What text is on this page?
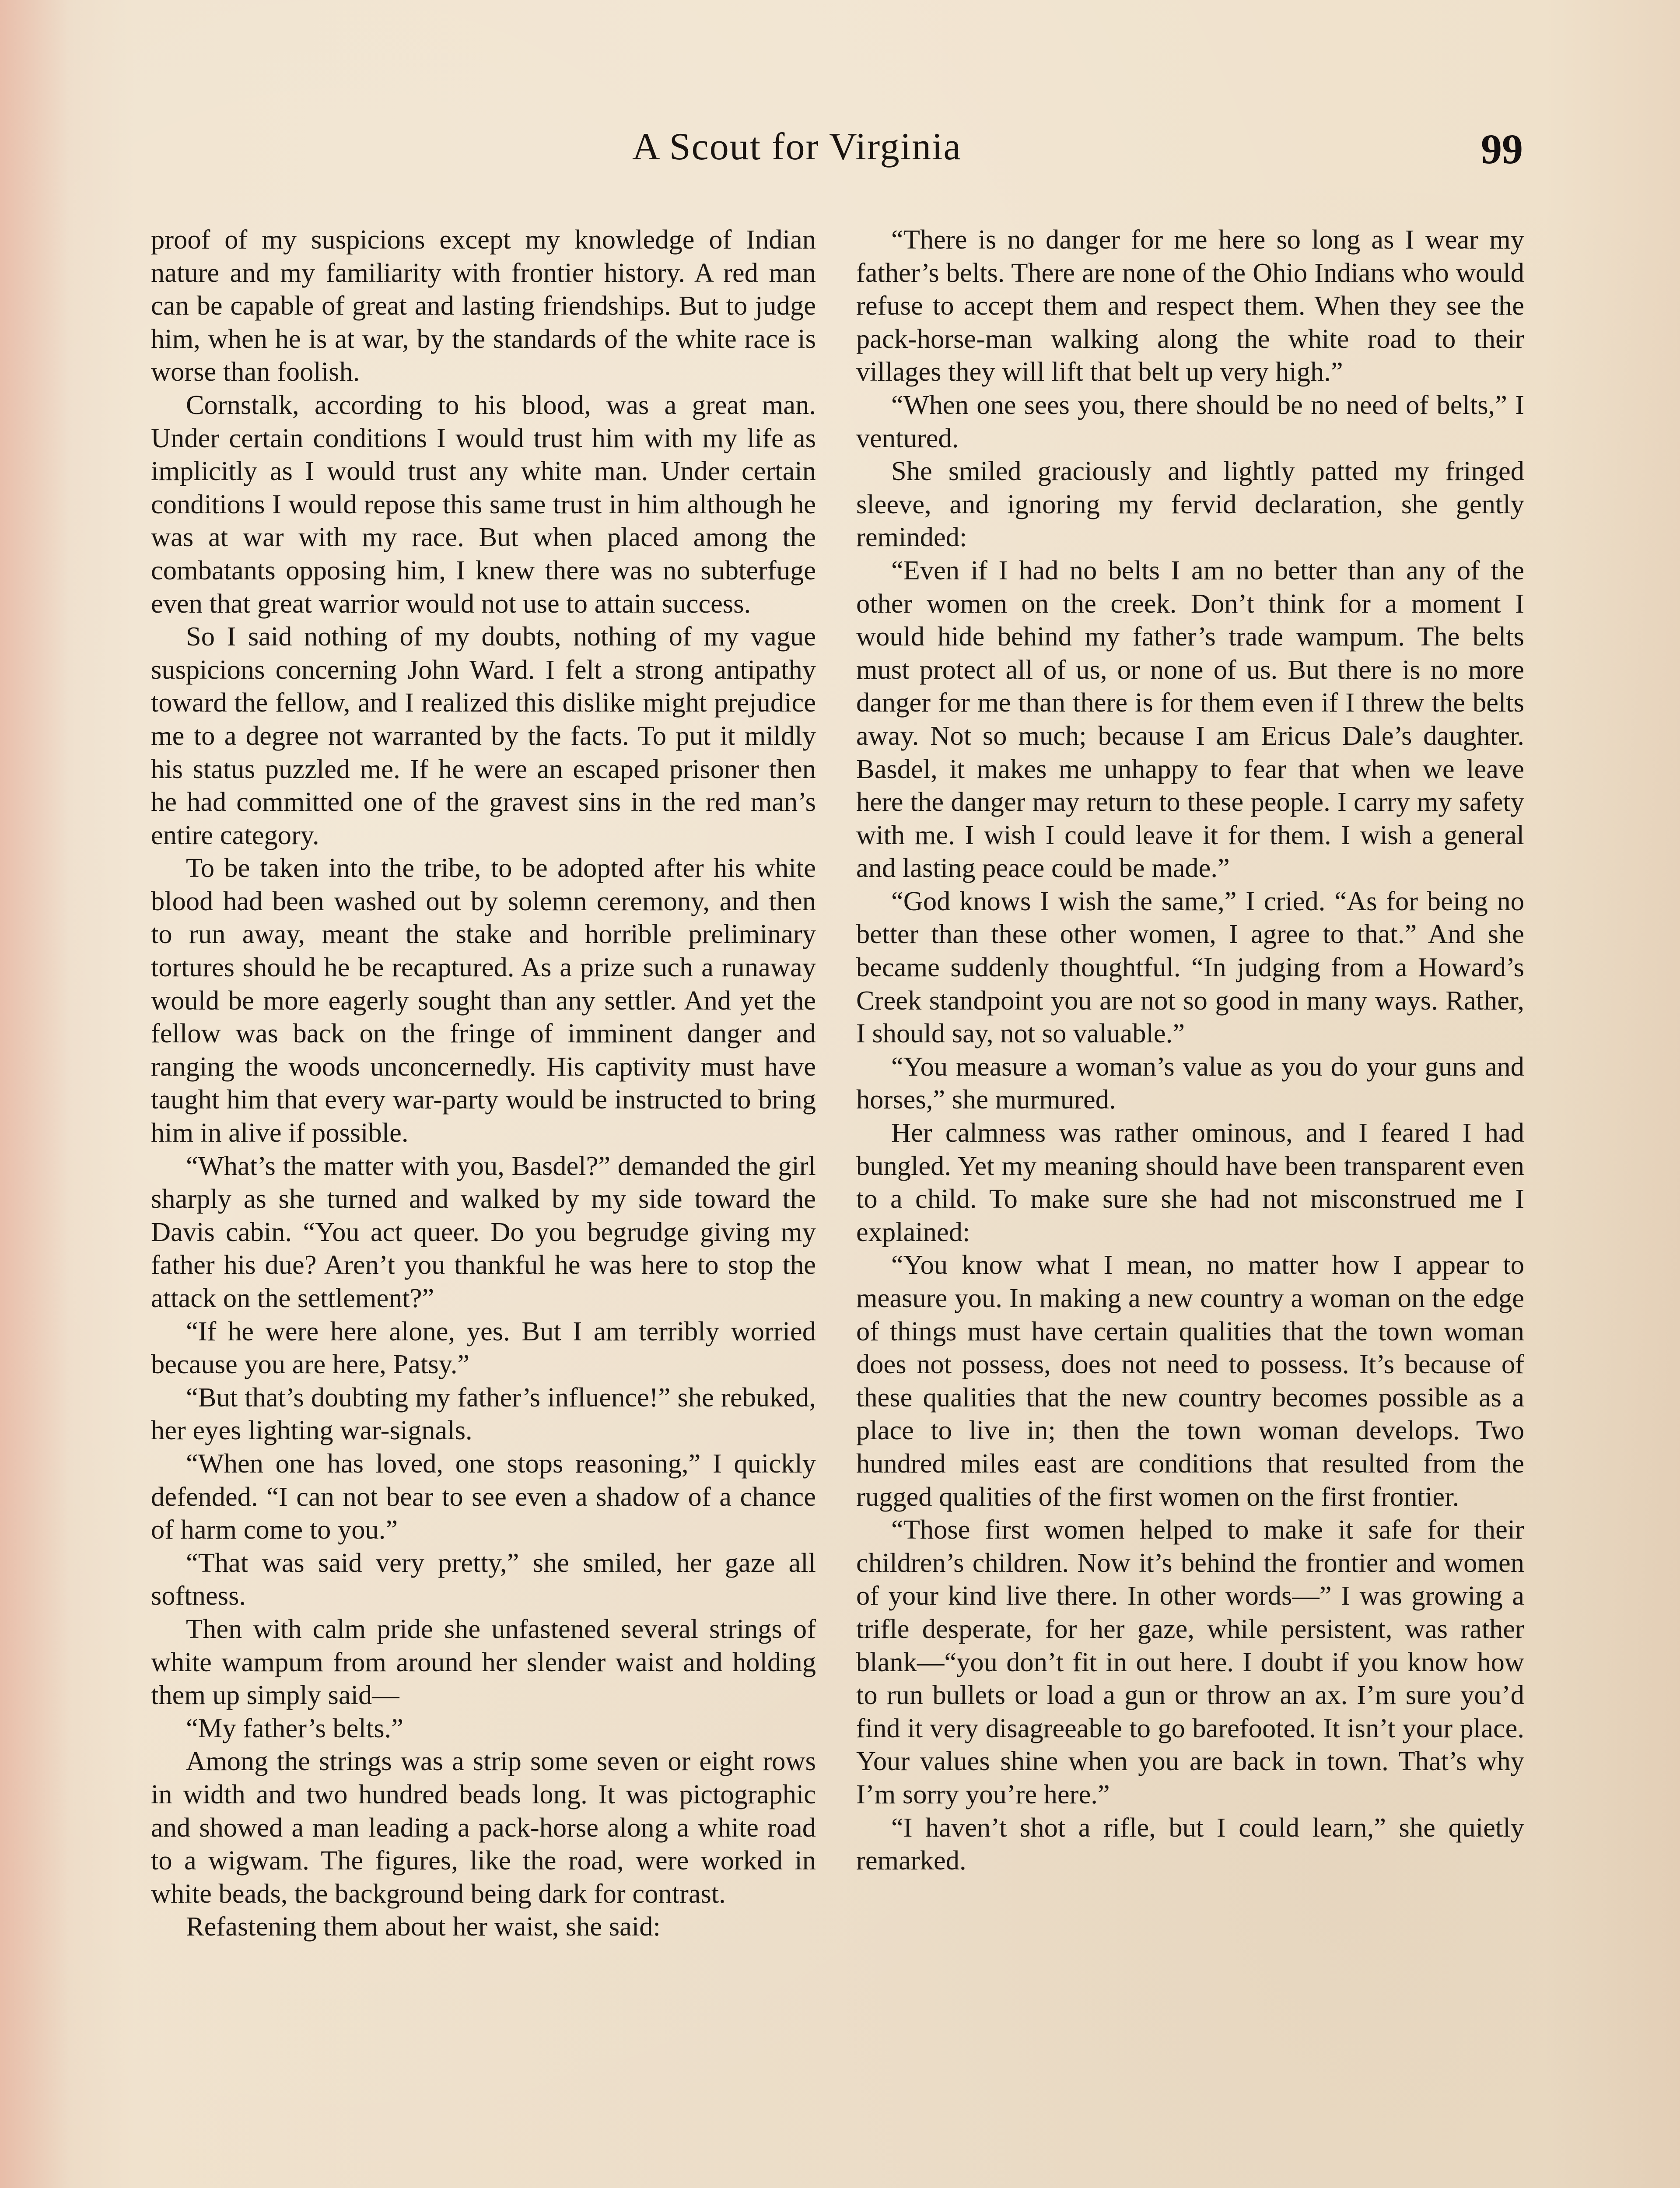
A Scout for Virginia	99

proof of my suspicions except my knowledge of Indian nature and my familiarity with frontier history. A red man can be capable of great and lasting friendships. But to judge him, when he is at war, by the standards of the white race is worse than foolish.

Cornstalk, according to his blood, was a great man. Under certain conditions I would trust him with my life as implicitly as I would trust any white man. Under certain conditions I would repose this same trust in him although he was at war with my race. But when placed among the combatants opposing him, I knew there was no subterfuge even that great warrior would not use to attain success.

So I said nothing of my doubts, nothing of my vague suspicions concerning John Ward. I felt a strong antipathy toward the fellow, and I realized this dislike might prejudice me to a degree not warranted by the facts. To put it mildly his status puzzled me. If he were an escaped prisoner then he had committed one of the gravest sins in the red man’s entire category.

To be taken into the tribe, to be adopted after his white blood had been washed out by solemn ceremony, and then to run away, meant the stake and horrible preliminary tortures should he be recaptured. As a prize such a runaway would be more eagerly sought than any settler. And yet the fellow was back on the fringe of imminent danger and ranging the woods unconcernedly. His captivity must have taught him that every war-party would be instructed to bring him in alive if possible.

“What’s the matter with you, Basdel?” demanded the girl sharply as she turned and walked by my side toward the Davis cabin. “You act queer. Do you begrudge giving my father his due? Aren’t you thankful he was here to stop the attack on the settlement?”

“If he were here alone, yes. But I am terribly worried because you are here, Patsy.”

“But that’s doubting my father’s influence!” she rebuked, her eyes lighting war-signals.

“When one has loved, one stops reasoning,” I quickly defended. “I can not bear to see even a shadow of a chance of harm come to you.”

“That was said very pretty,” she smiled, her gaze all softness.

Then with calm pride she unfastened several strings of white wampum from around her slender waist and holding them up simply said—

“My father’s belts.”

Among the strings was a strip some seven or eight rows in width and two hundred beads long. It was pictographic and showed a man leading a pack-horse along a white road to a wigwam. The figures, like the road, were worked in white beads, the background being dark for contrast.

Refastening them about her waist, she said:

“There is no danger for me here so long as I wear my father’s belts. There are none of the Ohio Indians who would refuse to accept them and respect them. When they see the pack-horse-man walking along the white road to their villages they will lift that belt up very high.”

“When one sees you, there should be no need of belts,” I ventured.

She smiled graciously and lightly patted my fringed sleeve, and ignoring my fervid declaration, she gently reminded:

“Even if I had no belts I am no better than any of the other women on the creek. Don’t think for a moment I would hide behind my father’s trade wampum. The belts must protect all of us, or none of us. But there is no more danger for me than there is for them even if I threw the belts away. Not so much; because I am Ericus Dale’s daughter. Basdel, it makes me unhappy to fear that when we leave here the danger may return to these people. I carry my safety with me. I wish I could leave it for them. I wish a general and lasting peace could be made.”

“God knows I wish the same,” I cried. “As for being no better than these other women, I agree to that.” And she became suddenly thoughtful. “In judging from a Howard’s Creek standpoint you are not so good in many ways. Rather, I should say, not so valuable.”

“You measure a woman’s value as you do your guns and horses,” she murmured.

Her calmness was rather ominous, and I feared I had bungled. Yet my meaning should have been transparent even to a child. To make sure she had not misconstrued me I explained:

“You know what I mean, no matter how I appear to measure you. In making a new country a woman on the edge of things must have certain qualities that the town woman does not possess, does not need to possess. It’s because of these qualities that the new country becomes possible as a place to live in; then the town woman develops. Two hundred miles east are conditions that resulted from the rugged qualities of the first women on the first frontier.

“Those first women helped to make it safe for their children’s children. Now it’s behind the frontier and women of your kind live there. In other words—” I was growing a trifle desperate, for her gaze, while persistent, was rather blank—“you don’t fit in out here. I doubt if you know how to run bullets or load a gun or throw an ax. I’m sure you’d find it very disagreeable to go barefooted. It isn’t your place. Your values shine when you are back in town. That’s why I’m sorry you’re here.”

“I haven’t shot a rifle, but I could learn,” she quietly remarked.
